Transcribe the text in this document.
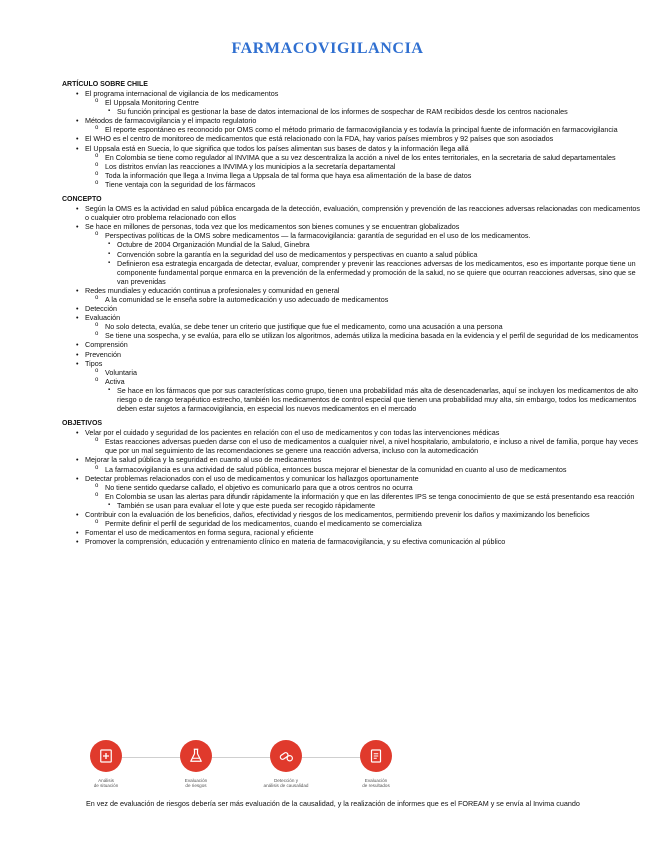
FARMACOVIGILANCIA
ARTÍCULO SOBRE CHILE
• El programa internacional de vigilancia de los medicamentos
o El Uppsala Monitoring Centre
▪ Su función principal es gestionar la base de datos internacional de los informes de sospechar de RAM recibidos desde los centros nacionales
• Métodos de farmacovigilancia y el impacto regulatorio
o El reporte espontáneo es reconocido por OMS como el método primario de farmacovigilancia y es todavía la principal fuente de información en farmacovigilancia
• El WHO es el centro de monitoreo de medicamentos que está relacionado con la FDA, hay varios países miembros y 92 países que son asociados
• El Uppsala está en Suecia, lo que significa que todos los países alimentan sus bases de datos y la información llega allá
o En Colombia se tiene como regulador al INVIMA que a su vez descentraliza la acción a nivel de los entes territoriales, en la secretaria de salud departamentales
o Los distritos envían las reacciones a INVIMA y los municipios a la secretaría departamental
o Toda la información que llega a Invima llega a Uppsala de tal forma que haya esa alimentación de la base de datos
o Tiene ventaja con la seguridad de los fármacos
CONCEPTO
• Según la OMS es la actividad en salud pública encargada de la detección, evaluación, comprensión y prevención de las reacciones adversas relacionadas con medicamentos o cualquier otro problema relacionado con ellos
• Se hace en millones de personas, toda vez que los medicamentos son bienes comunes y se encuentran globalizados
o Perspectivas políticas de la OMS sobre medicamentos — la farmacovigilancia: garantía de seguridad en el uso de los medicamentos.
▪ Octubre de 2004 Organización Mundial de la Salud, Ginebra
▪ Convención sobre la garantía en la seguridad del uso de medicamentos y perspectivas en cuanto a salud pública
▪ Definieron esa estrategia encargada de detectar, evaluar, comprender y prevenir las reacciones adversas de los medicamentos, eso es importante porque tiene un componente fundamental porque enmarca en la prevención de la enfermedad y promoción de la salud, no se quiere que ocurran reacciones adversas, sino que se van prevenidas
• Redes mundiales y educación continua a profesionales y comunidad en general
o A la comunidad se le enseña sobre la automedicación y uso adecuado de medicamentos
• Detección
• Evaluación
o No solo detecta, evalúa, se debe tener un criterio que justifique que fue el medicamento, como una acusación a una persona
o Se tiene una sospecha, y se evalúa, para ello se utilizan los algoritmos, además utiliza la medicina basada en la evidencia y el perfil de seguridad de los medicamentos
• Comprensión
• Prevención
• Tipos
o Voluntaria
o Activa
▪ Se hace en los fármacos que por sus características como grupo, tienen una probabilidad más alta de desencadenarlas, aquí se incluyen los medicamentos de alto riesgo o de rango terapéutico estrecho, también los medicamentos de control especial que tienen una probabilidad muy alta, sin embargo, todos los medicamentos deben estar sujetos a farmacovigilancia, en especial los nuevos medicamentos en el mercado
OBJETIVOS
• Velar por el cuidado y seguridad de los pacientes en relación con el uso de medicamentos y con todas las intervenciones médicas
o Estas reacciones adversas pueden darse con el uso de medicamentos a cualquier nivel, a nivel hospitalario, ambulatorio, e incluso a nivel de familia, porque hay veces que por un mal seguimiento de las recomendaciones se genere una reacción adversa, incluso con la automedicación
• Mejorar la salud pública y la seguridad en cuanto al uso de medicamentos
o La farmacovigilancia es una actividad de salud pública, entonces busca mejorar el bienestar de la comunidad en cuanto al uso de medicamentos
• Detectar problemas relacionados con el uso de medicamentos y comunicar los hallazgos oportunamente
o No tiene sentido quedarse callado, el objetivo es comunicarlo para que a otros centros no ocurra
o En Colombia se usan las alertas para difundir rápidamente la información y que en las diferentes IPS se tenga conocimiento de que se está presentando esa reacción
▪ También se usan para evaluar el lote y que este pueda ser recogido rápidamente
• Contribuir con la evaluación de los beneficios, daños, efectividad y riesgos de los medicamentos, permitiendo prevenir los daños y maximizando los beneficios
o Permite definir el perfil de seguridad de los medicamentos, cuando el medicamento se comercializa
• Fomentar el uso de medicamentos en forma segura, racional y eficiente
• Promover la comprensión, educación y entrenamiento clínico en materia de farmacovigilancia, y su efectiva comunicación al público
Análisis
de situación
Evaluación
de riesgos
Detección y
análisis de causalidad
Evaluación
de resultados
En vez de evaluación de riesgos debería ser más evaluación de la causalidad, y la realización de informes que es el FOREAM y se envía al Invima cuando
